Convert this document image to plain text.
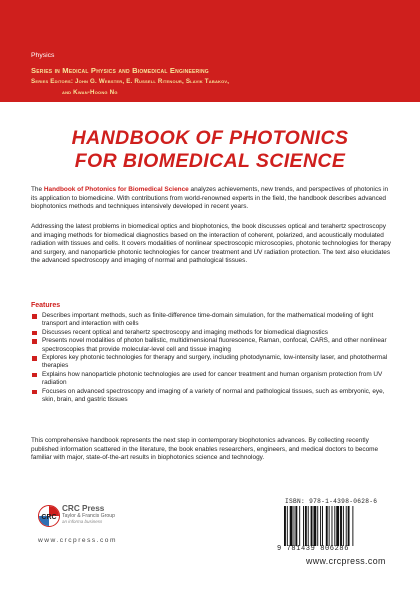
Physics
Series in Medical Physics and Biomedical Engineering
Series Editors: John G. Webster, E. Russell Ritenour, Slavik Tabakov,
and Kwan-Hoong Ng
HANDBOOK OF PHOTONICS
FOR BIOMEDICAL SCIENCE
The Handbook of Photonics for Biomedical Science analyzes achievements, new trends, and perspectives of photonics in its application to biomedicine. With contributions from world-renowned experts in the field, the handbook describes advanced biophotonics methods and techniques intensively developed in recent years.
Addressing the latest problems in biomedical optics and biophotonics, the book discusses optical and terahertz spectroscopy and imaging methods for biomedical diagnostics based on the interaction of coherent, polarized, and acoustically modulated radiation with tissues and cells. It covers modalities of nonlinear spectroscopic microscopies, photonic technologies for therapy and surgery, and nanoparticle photonic technologies for cancer treatment and UV radiation protection. The text also elucidates the advanced spectroscopy and imaging of normal and pathological tissues.
Features
Describes important methods, such as finite-difference time-domain simulation, for the mathematical modeling of light transport and interaction with cells
Discusses recent optical and terahertz spectroscopy and imaging methods for biomedical diagnostics
Presents novel modalities of photon ballistic, multidimensional fluorescence, Raman, confocal, CARS, and other nonlinear spectroscopies that provide molecular-level cell and tissue imaging
Explores key photonic technologies for therapy and surgery, including photodynamic, low-intensity laser, and photothermal therapies
Explains how nanoparticle photonic technologies are used for cancer treatment and human organism protection from UV radiation
Focuses on advanced spectroscopy and imaging of a variety of normal and pathological tissues, such as embryonic, eye, skin, brain, and gastric tissues
This comprehensive handbook represents the next step in contemporary biophotonics advances. By collecting recently published information scattered in the literature, the book enables researchers, engineers, and medical doctors to become familiar with major, state-of-the-art results in biophotonics science and technology.
CRC
CRC Press
Taylor & Francis Group
an informa business
www.crcpress.com
ISBN: 978-1-4398-0628-6
9 781439 806286
www.crcpress.com
